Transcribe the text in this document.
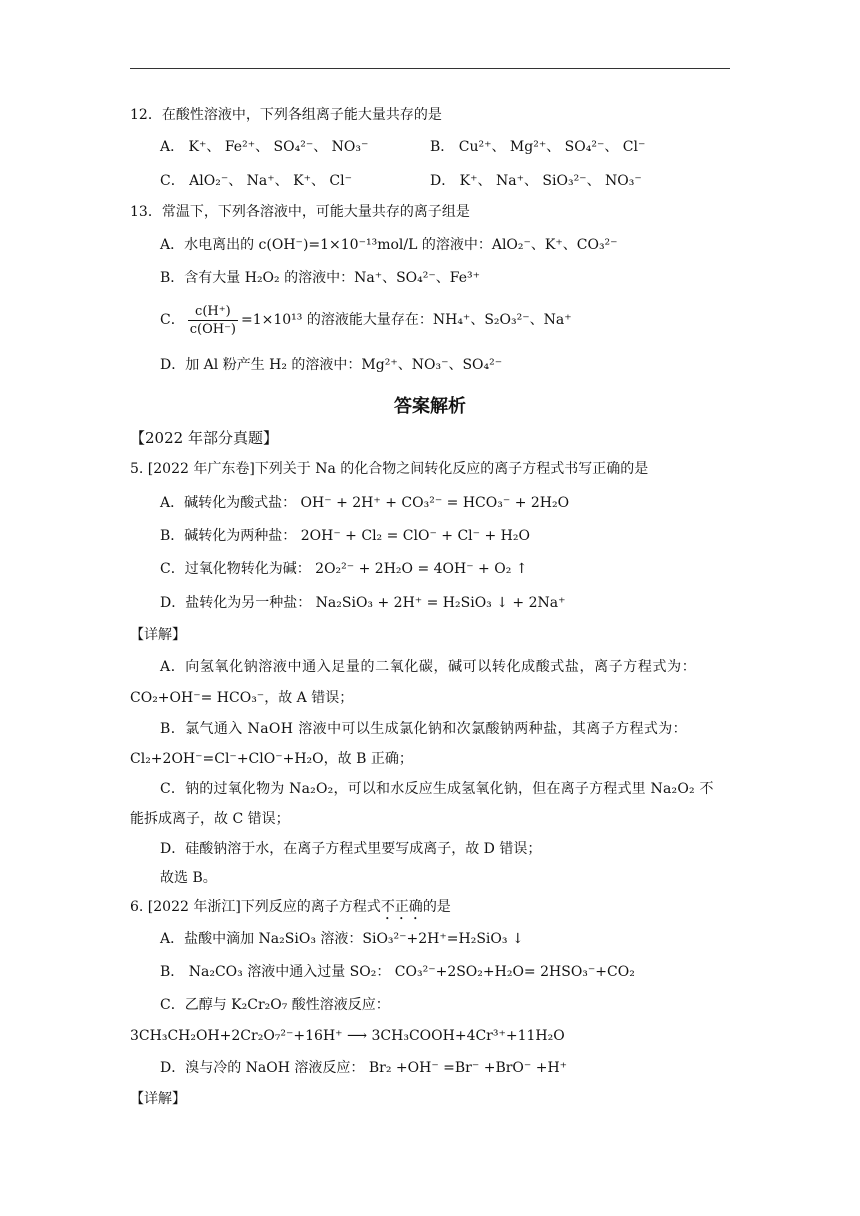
12．在酸性溶液中，下列各组离子能大量共存的是
A． K⁺、 Fe²⁺、 SO₄²⁻、 NO₃⁻	B． Cu²⁺、 Mg²⁺、 SO₄²⁻、 Cl⁻
C． AlO₂⁻、 Na⁺、 K⁺、 Cl⁻	D． K⁺、 Na⁺、 SiO₃²⁻、 NO₃⁻
13．常温下，下列各溶液中，可能大量共存的离子组是
A．水电离出的 c(OH⁻)=1×10⁻¹³mol/L 的溶液中：AlO₂⁻、K⁺、CO₃²⁻
B．含有大量 H₂O₂ 的溶液中：Na⁺、SO₄²⁻、Fe³⁺
C． $\frac{c(H^+)}{c(OH^-)} =1\times 10^{13}$ 的溶液能大量存在：NH₄⁺、S₂O₃²⁻、Na⁺
D．加 Al 粉产生 H₂ 的溶液中：Mg²⁺、NO₃⁻、SO₄²⁻
答案解析
【2022 年部分真题】
5. [2022 年广东卷]下列关于 Na 的化合物之间转化反应的离子方程式书写正确的是
A．碱转化为酸式盐： OH⁻ + 2H⁺ + CO₃²⁻ = HCO₃⁻ + 2H₂O
B．碱转化为两种盐： 2OH⁻ + Cl₂ = ClO⁻ + Cl⁻ + H₂O
C．过氧化物转化为碱： 2O₂²⁻ + 2H₂O = 4OH⁻ + O₂ ↑
D．盐转化为另一种盐： Na₂SiO₃ + 2H⁺ = H₂SiO₃ ↓ + 2Na⁺
【详解】
A．向氢氧化钠溶液中通入足量的二氧化碳，碱可以转化成酸式盐，离子方程式为：
CO₂+OH⁻= HCO₃⁻，故 A 错误；
B．氯气通入 NaOH 溶液中可以生成氯化钠和次氯酸钠两种盐，其离子方程式为：
Cl₂+2OH⁻=Cl⁻+ClO⁻+H₂O，故 B 正确；
C．钠的过氧化物为 Na₂O₂，可以和水反应生成氢氧化钠，但在离子方程式里 Na₂O₂ 不
能拆成离子，故 C 错误；
D．硅酸钠溶于水，在离子方程式里要写成离子，故 D 错误；
故选 B。
6. [2022 年浙江]下列反应的离子方程式不正确的是
A．盐酸中滴加 Na₂SiO₃ 溶液：SiO₃²⁻+2H⁺=H₂SiO₃ ↓
B． Na₂CO₃ 溶液中通入过量 SO₂： CO₃²⁻+2SO₂+H₂O= 2HSO₃⁻+CO₂
C．乙醇与 K₂Cr₂O₇ 酸性溶液反应：
3CH₃CH₂OH+2Cr₂O₇²⁻+16H⁺ ⟶ 3CH₃COOH+4Cr³⁺+11H₂O
D．溴与冷的 NaOH 溶液反应： Br₂ +OH⁻ =Br⁻ +BrO⁻ +H⁺
【详解】
